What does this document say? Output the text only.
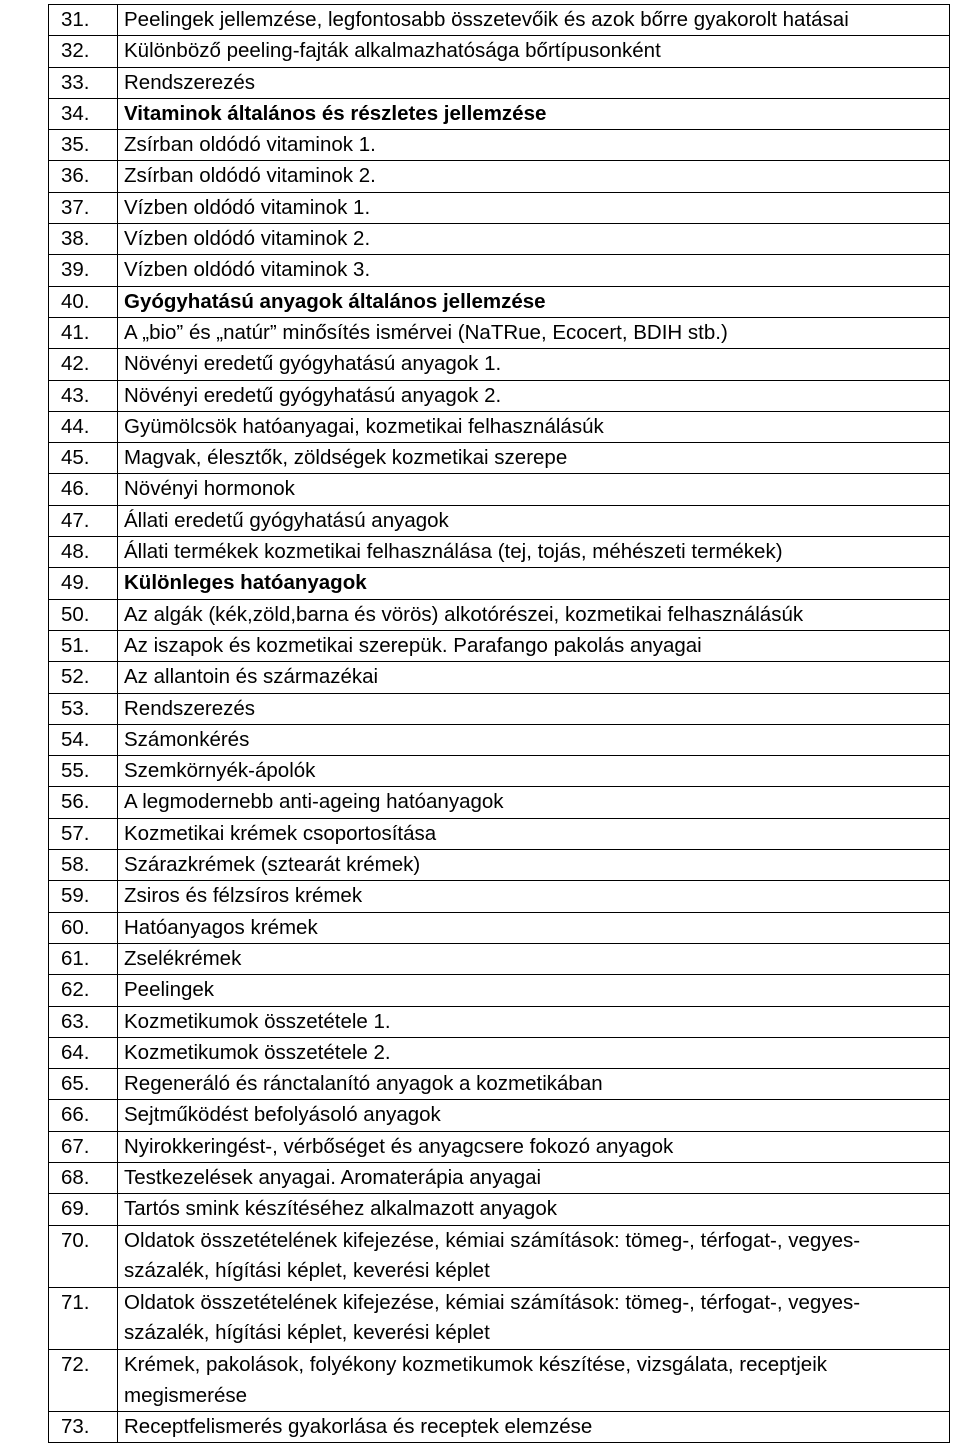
31.	Peelingek jellemzése, legfontosabb összetevőik és azok bőrre gyakorolt hatásai
32.	Különböző peeling-fajták alkalmazhatósága bőrtípusonként
33.	Rendszerezés
34.	Vitaminok általános és részletes jellemzése
35.	Zsírban oldódó vitaminok 1.
36.	Zsírban oldódó vitaminok 2.
37.	Vízben oldódó vitaminok 1.
38.	Vízben oldódó vitaminok 2.
39.	Vízben oldódó vitaminok 3.
40.	Gyógyhatású anyagok általános jellemzése
41.	A „bio” és „natúr” minősítés ismérvei (NaTRue, Ecocert, BDIH stb.)
42.	Növényi eredetű gyógyhatású anyagok 1.
43.	Növényi eredetű gyógyhatású anyagok 2.
44.	Gyümölcsök hatóanyagai, kozmetikai felhasználásúk
45.	Magvak, élesztők, zöldségek kozmetikai szerepe
46.	Növényi hormonok
47.	Állati eredetű gyógyhatású anyagok
48.	Állati termékek kozmetikai felhasználása (tej, tojás, méhészeti termékek)
49.	Különleges hatóanyagok
50.	Az algák (kék,zöld,barna és vörös) alkotórészei, kozmetikai felhasználásúk
51.	Az iszapok és kozmetikai szerepük. Parafango pakolás anyagai
52.	Az allantoin és származékai
53.	Rendszerezés
54.	Számonkérés
55.	Szemkörnyék-ápolók
56.	A legmodernebb anti-ageing hatóanyagok
57.	Kozmetikai krémek csoportosítása
58.	Szárazkrémek (sztearát krémek)
59.	Zsiros és félzsíros krémek
60.	Hatóanyagos krémek
61.	Zselékrémek
62.	Peelingek
63.	Kozmetikumok összetétele 1.
64.	Kozmetikumok összetétele 2.
65.	Regeneráló és ránctalanító anyagok a kozmetikában
66.	Sejtműködést befolyásoló anyagok
67.	Nyirokkeringést-, vérbőséget és anyagcsere fokozó anyagok
68.	Testkezelések anyagai. Aromaterápia anyagai
69.	Tartós smink készítéséhez alkalmazott anyagok
70.	Oldatok összetételének kifejezése, kémiai számítások: tömeg-, térfogat-, vegyes-százalék, hígítási képlet, keverési képlet
71.	Oldatok összetételének kifejezése, kémiai számítások: tömeg-, térfogat-, vegyes-százalék, hígítási képlet, keverési képlet
72.	Krémek, pakolások, folyékony kozmetikumok készítése, vizsgálata, receptjeik megismerése
73.	Receptfelismerés gyakorlása és receptek elemzése
